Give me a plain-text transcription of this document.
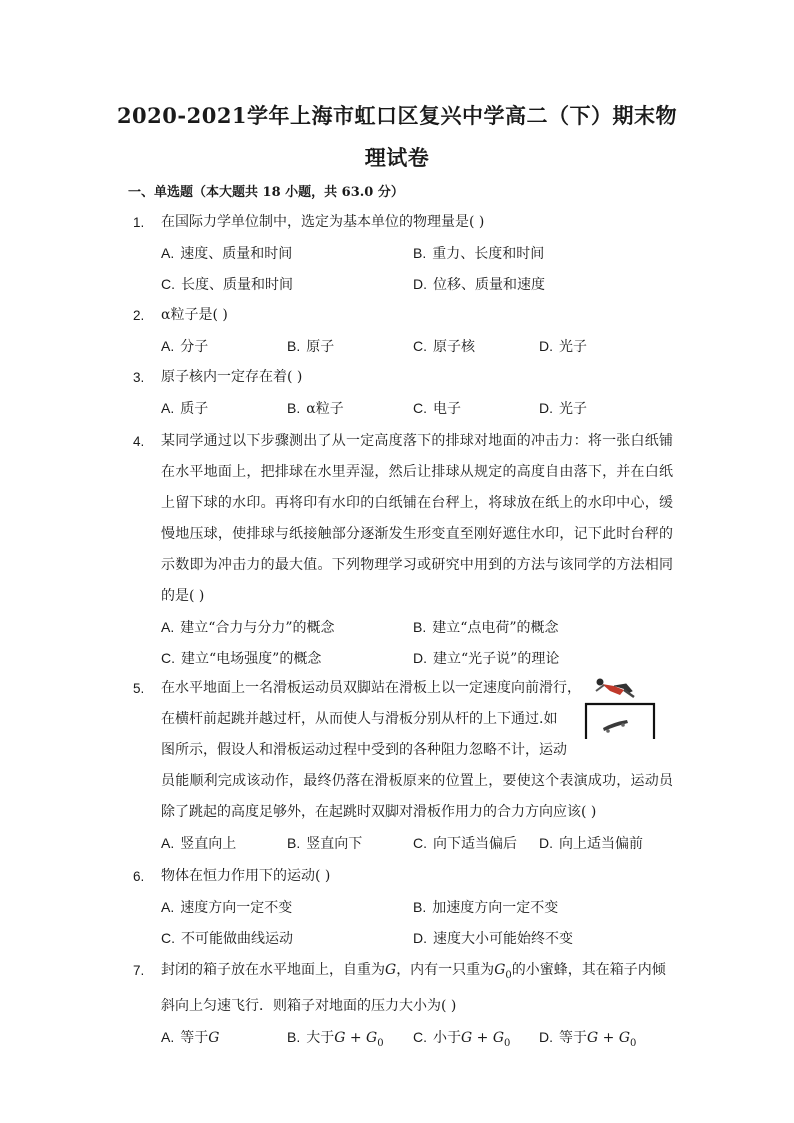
2020-2021学年上海市虹口区复兴中学高二（下）期末物
理试卷
一、单选题（本大题共 18 小题，共 63.0 分）
1.	在国际力学单位制中，选定为基本单位的物理量是( )
A. 速度、质量和时间	B. 重力、长度和时间
C. 长度、质量和时间	D. 位移、质量和速度
2.	α粒子是( )
A. 分子	B. 原子	C. 原子核	D. 光子
3.	原子核内一定存在着( )
A. 质子	B. α粒子	C. 电子	D. 光子
4.	某同学通过以下步骤测出了从一定高度落下的排球对地面的冲击力：将一张白纸铺在水平地面上，把排球在水里弄湿，然后让排球从规定的高度自由落下，并在白纸上留下球的水印。再将印有水印的白纸铺在台秤上，将球放在纸上的水印中心，缓慢地压球，使排球与纸接触部分逐渐发生形变直至刚好遮住水印，记下此时台秤的示数即为冲击力的最大值。下列物理学习或研究中用到的方法与该同学的方法相同的是( )
A. 建立“合力与分力”的概念	B. 建立“点电荷”的概念
C. 建立“电场强度”的概念	D. 建立“光子说”的理论
5.	在水平地面上一名滑板运动员双脚站在滑板上以一定速度向前滑行，
在横杆前起跳并越过杆，从而使人与滑板分别从杆的上下通过.如
图所示，假设人和滑板运动过程中受到的各种阻力忽略不计，运动
员能顺利完成该动作，最终仍落在滑板原来的位置上，要使这个表演成功，运动员除了跳起的高度足够外，在起跳时双脚对滑板作用力的合力方向应该( )
A. 竖直向上	B. 竖直向下	C. 向下适当偏后 D. 向上适当偏前
6.	物体在恒力作用下的运动( )
A. 速度方向一定不变	B. 加速度方向一定不变
C. 不可能做曲线运动	D. 速度大小可能始终不变
7.	封闭的箱子放在水平地面上，自重为G，内有一只重为$G_0$的小蜜蜂，其在箱子内倾斜向上匀速飞行．则箱子对地面的压力大小为( )
A. 等于G	B. 大于$G + G_0$ C. 小于$G + G_0$ D. 等于$G + G_0$
